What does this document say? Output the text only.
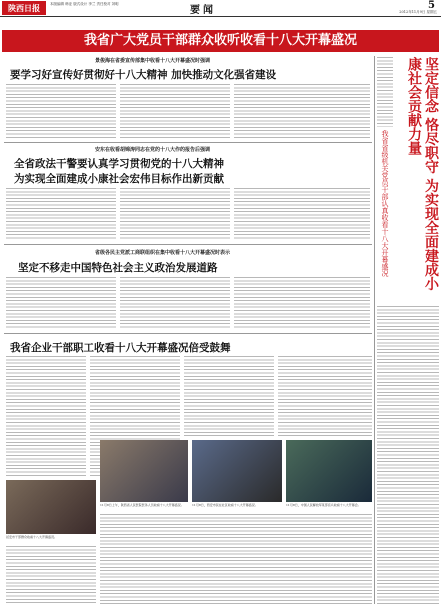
陕西日报	本版编辑 韩亚 版式设计 李兰 责任校对 刘明
要闻	5
2012年11月9日 星期五
我省广大党员干部群众收听收看十八大开幕盛况
景俊海在省委宣传部集中收看十八大开幕盛况时强调
要学习好宣传好贯彻好十八大精神 加快推动文化强省建设
安东在收看胡锦涛同志在党的十八大作的报告后强调
全省政法干警要认真学习贯彻党的十八大精神
为实现全面建成小康社会宏伟目标作出新贡献
省级各民主党派工商联组织在集中收看十八大开幕盛况时表示
坚定不移走中国特色社会主义政治发展道路	坚定信念 恪尽职守 为实现全面建成小康社会贡献力量
我省省级机关党员干部认真收看十八大开幕盛况
我省企业干部职工收看十八大开幕盛况倍受鼓舞
11月8日上午，陕西省人民医院医务人员收看十八大开幕盛况。	11月8日，西安市民在社区收看十八大开幕盛况。	11月8日，中国人民解放军某部官兵收看十八大开幕会。
延安市干部群众收看十八大开幕盛况。
